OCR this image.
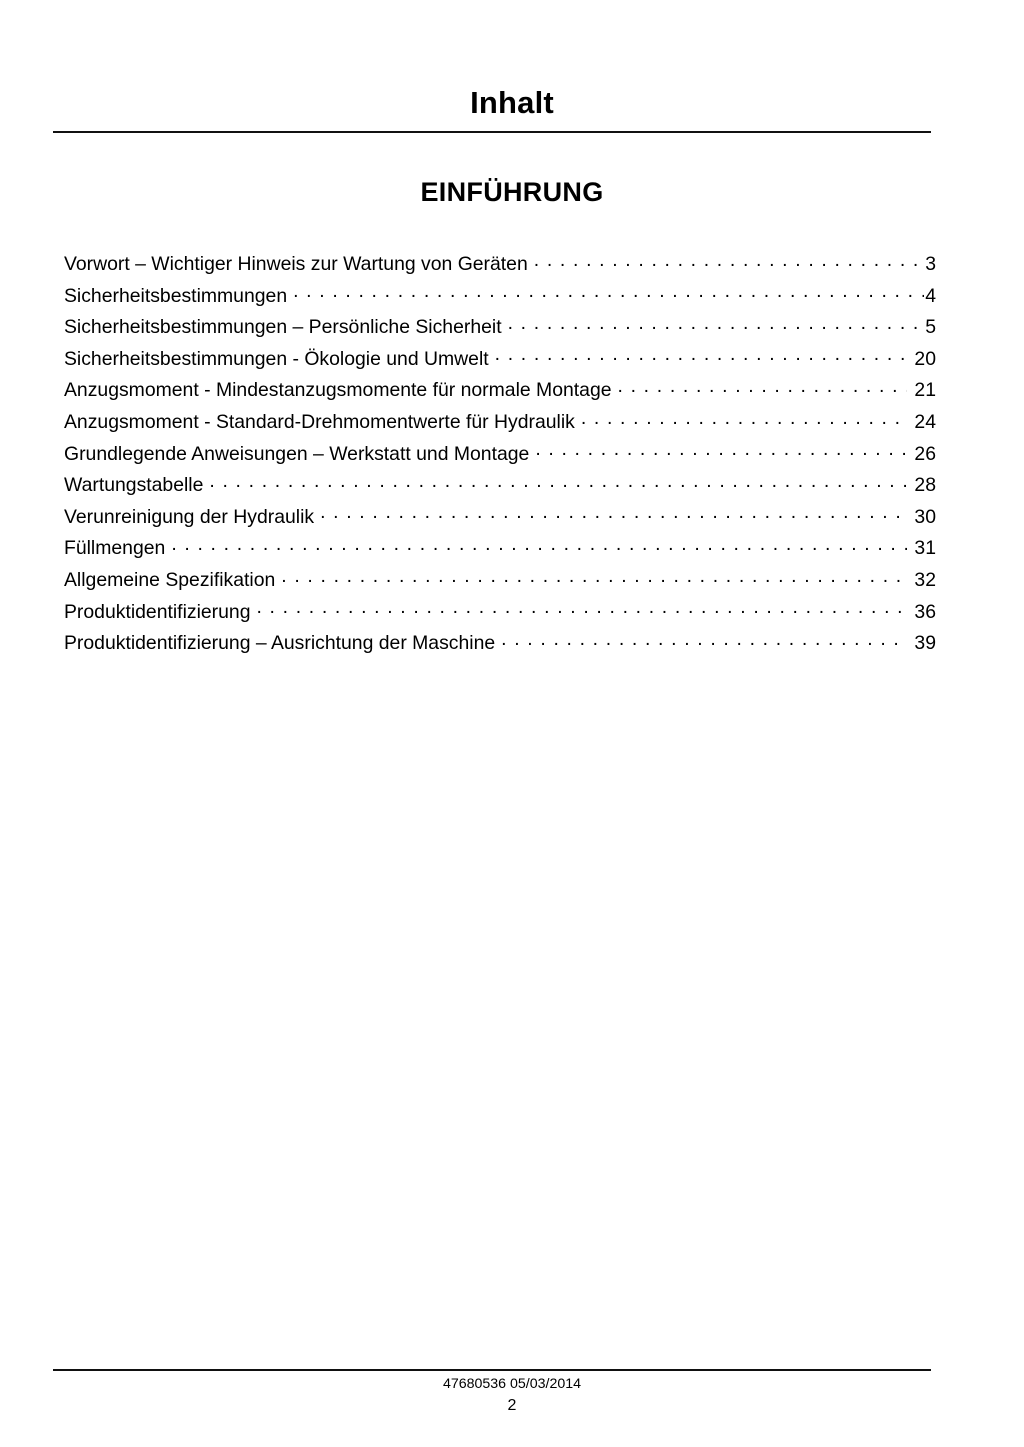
Inhalt
EINFÜHRUNG
Vorwort – Wichtiger Hinweis zur Wartung von Geräten . . .	3
Sicherheitsbestimmungen . . .	4
Sicherheitsbestimmungen – Persönliche Sicherheit . . .	5
Sicherheitsbestimmungen - Ökologie und Umwelt . . .	20
Anzugsmoment - Mindestanzugsmomente für normale Montage . . .	21
Anzugsmoment - Standard-Drehmomentwerte für Hydraulik . . .	24
Grundlegende Anweisungen – Werkstatt und Montage . . .	26
Wartungstabelle . . .	28
Verunreinigung der Hydraulik . . .	30
Füllmengen . . .	31
Allgemeine Spezifikation . . .	32
Produktidentifizierung . . .	36
Produktidentifizierung – Ausrichtung der Maschine . . .	39
47680536 05/03/2014
2
